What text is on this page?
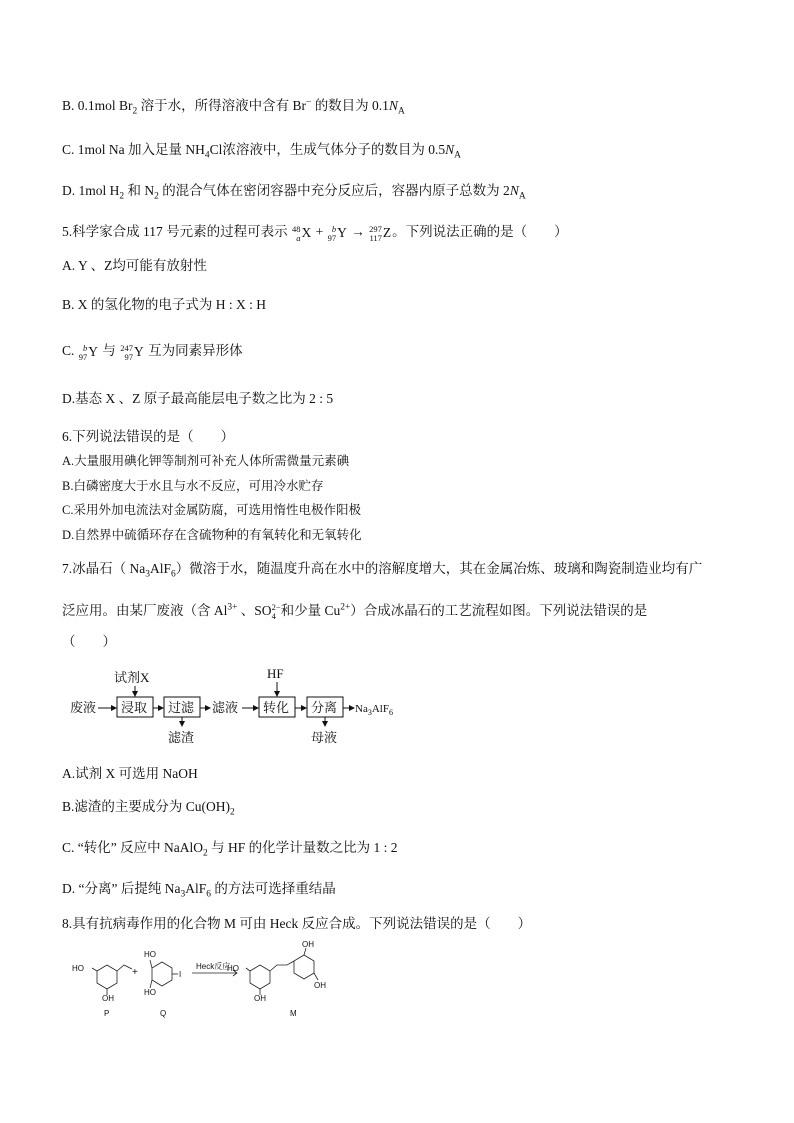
B. 0.1mol $Br_2$ 溶于水，所得溶液中含有 Br− 的数目为 $0.1N_A$
C. 1mol Na 加入足量 $NH_4Cl$浓溶液中，生成气体分子的数目为 $0.5N_A$
D. 1mol $H_2$ 和 $N_2$ 的混合气体在密闭容器中充分反应后，容器内原子总数为 $2N_A$
5.科学家合成 117 号元素的过程可表示 48
a X + b
97 Y → 297
117 Z。下列说法正确的是（　　）
A. Y 、Z均可能有放射性
B. X 的氢化物的电子式为 H : X : H
C. b
97 Y 与 247
97 Y 互为同素异形体
D.基态 X 、Z 原子最高能层电子数之比为 2 : 5
6.下列说法错误的是（　　）
A.大量服用碘化钾等制剂可补充人体所需微量元素碘
B.白磷密度大于水且与水不反应，可用冷水贮存
C.采用外加电流法对金属防腐，可选用惰性电极作阳极
D.自然界中硫循环存在含硫物种的有氧转化和无氧转化
7.冰晶石（ $Na_3AlF_6$）微溶于水，随温度升高在水中的溶解度增大，其在金属冶炼、玻璃和陶瓷制造业均有广
泛应用。由某厂废液（含 $Al^{3+}$ 、SO 2−
4 和少量 $Cu^{2+}$）合成冰晶石的工艺流程如图。下列说法错误的是
（　　）
废液 浸取
试剂X
过滤
滤渣
滤液 转化
HF
分离
母液
$Na_3AlF_6$
A.试剂 X 可选用 NaOH
B.滤渣的主要成分为 $Cu(OH)_2$
C. “转化” 反应中 NaAlO$_2$ 与 HF 的化学计量数之比为 1 : 2
D. “分离” 后提纯 $Na_3AlF_6$ 的方法可选择重结晶
8.具有抗病毒作用的化合物 M 可由 Heck 反应合成。下列说法错误的是（　　）
HO
OH
P
+
HO
HO
I
Q
Heck反应
HO
OH
OH
OH
M
